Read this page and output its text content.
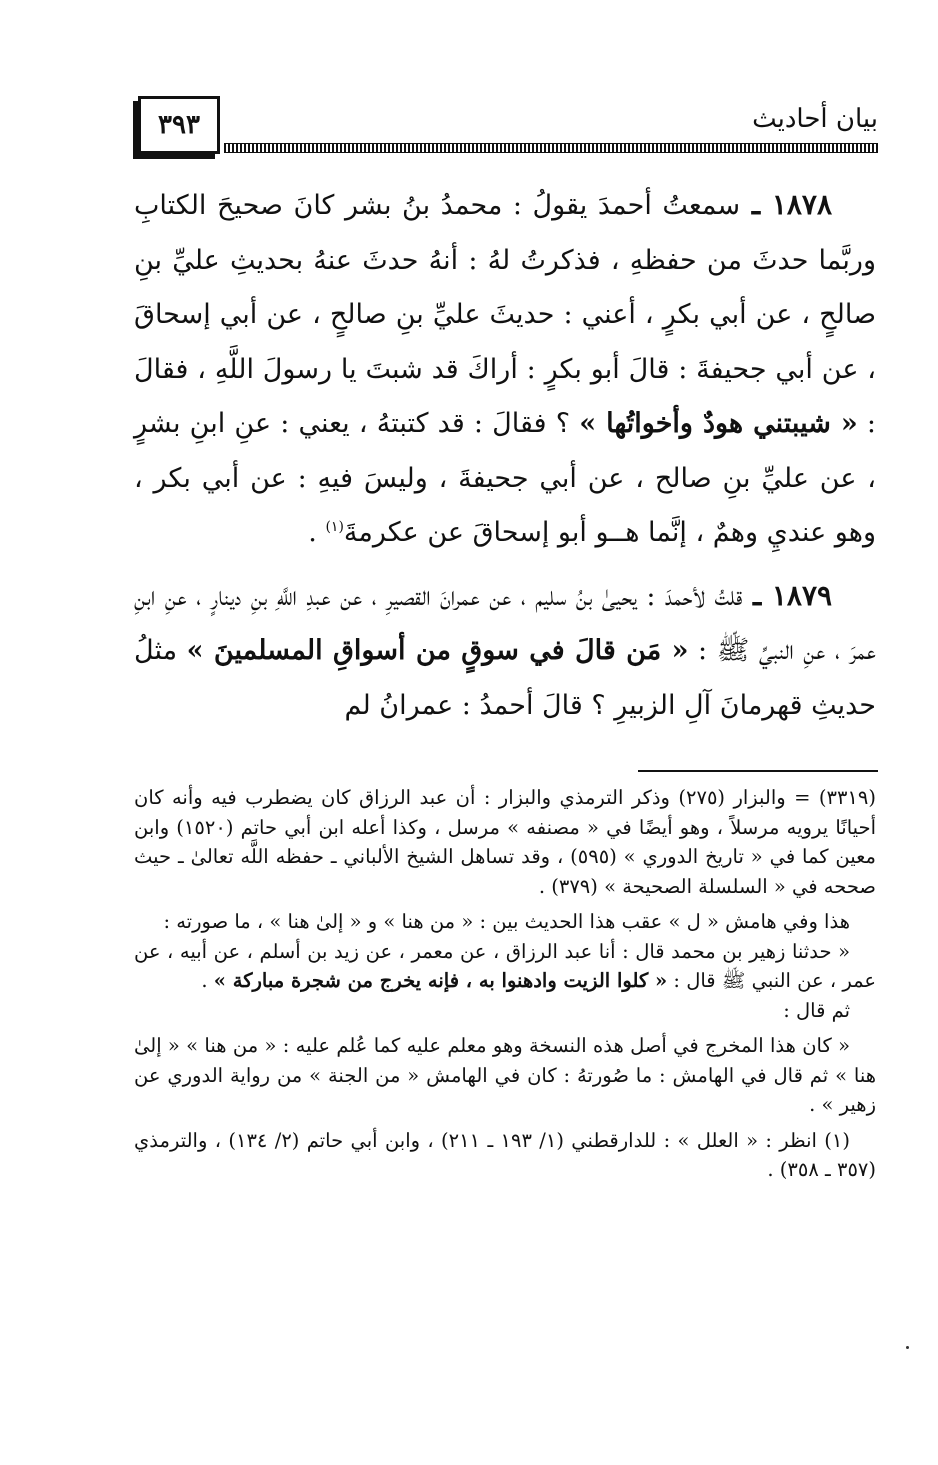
بيان أحاديث
٣٩٣

١٨٧٨ ـ سمعتُ أحمدَ يقولُ : محمدُ بنُ بشر كانَ صحيحَ الكتابِ وربَّما حدثَ من حفظهِ ، فذكرتُ لهُ : أنهُ حدثَ عنهُ بحديثِ عليِّ بنِ صالحٍ ، عن أبي بكرٍ ، أعني : حديثَ عليِّ بنِ صالحٍ ، عن أبي إسحاقَ ، عن أبي جحيفةَ : قالَ أبو بكرٍ : أراكَ قد شبتَ يا رسولَ اللَّهِ ، فقالَ : « شيبتني هودٌ وأخواتُها » ؟ فقالَ : قد كتبتهُ ، يعني : عنِ ابنِ بشرٍ ، عن عليِّ بنِ صالح ، عن أبي جحيفةَ ، وليسَ فيهِ : عن أبي بكر ، وهو عنديِ وهمٌ ، إنَّما هــو أبو إسحاقَ عن عكرمةَ$^{(١)}$ .

١٨٧٩ ـ قلتُ لأحمدَ : يحيىٰ بنُ سليم ، عن عمرانَ القصيرِ ، عن عبدِ اللَّهِ بنِ دينارٍ ، عنِ ابنِ عمرَ ، عنِ النبيِّ ﷺ : « مَن قالَ في سوقٍ من أسواقِ المسلمينَ » مثلُ حديثِ قهرمانَ آلِ الزبيرِ ؟ قالَ أحمدُ : عمرانُ لم

(٣٣١٩) = والبزار (٢٧٥) وذكر الترمذي والبزار : أن عبد الرزاق كان يضطرب فيه وأنه كان أحيانًا يرويه مرسلاً ، وهو أيضًا في « مصنفه » مرسل ، وكذا أعله ابن أبي حاتم (١٥٢٠) وابن معين كما في « تاريخ الدوري » (٥٩٥) ، وقد تساهل الشيخ الألباني ـ حفظه اللَّه تعالىٰ ـ حيث صححه في « السلسلة الصحيحة » (٣٧٩) .

هذا وفي هامش « ل » عقب هذا الحديث بين : « من هنا » و « إلىٰ هنا » ، ما صورته :

« حدثنا زهير بن محمد قال : أنا عبد الرزاق ، عن معمر ، عن زيد بن أسلم ، عن أبيه ، عن عمر ، عن النبي ﷺ قال : « كلوا الزيت وادهنوا به ، فإنه يخرج من شجرة مباركة » .

ثم قال :

« كان هذا المخرج في أصل هذه النسخة وهو معلم عليه كما عُلم عليه : « من هنا » « إلىٰ هنا » ثم قال في الهامش : ما صُورتهُ : كان في الهامش « من الجنة » من رواية الدوري عن زهير » .

(١) انظر : « العلل » : للدارقطني (١/ ١٩٣ ـ ٢١١) ، وابن أبي حاتم (٢/ ١٣٤) ، والترمذي (٣٥٧ ـ ٣٥٨) .
